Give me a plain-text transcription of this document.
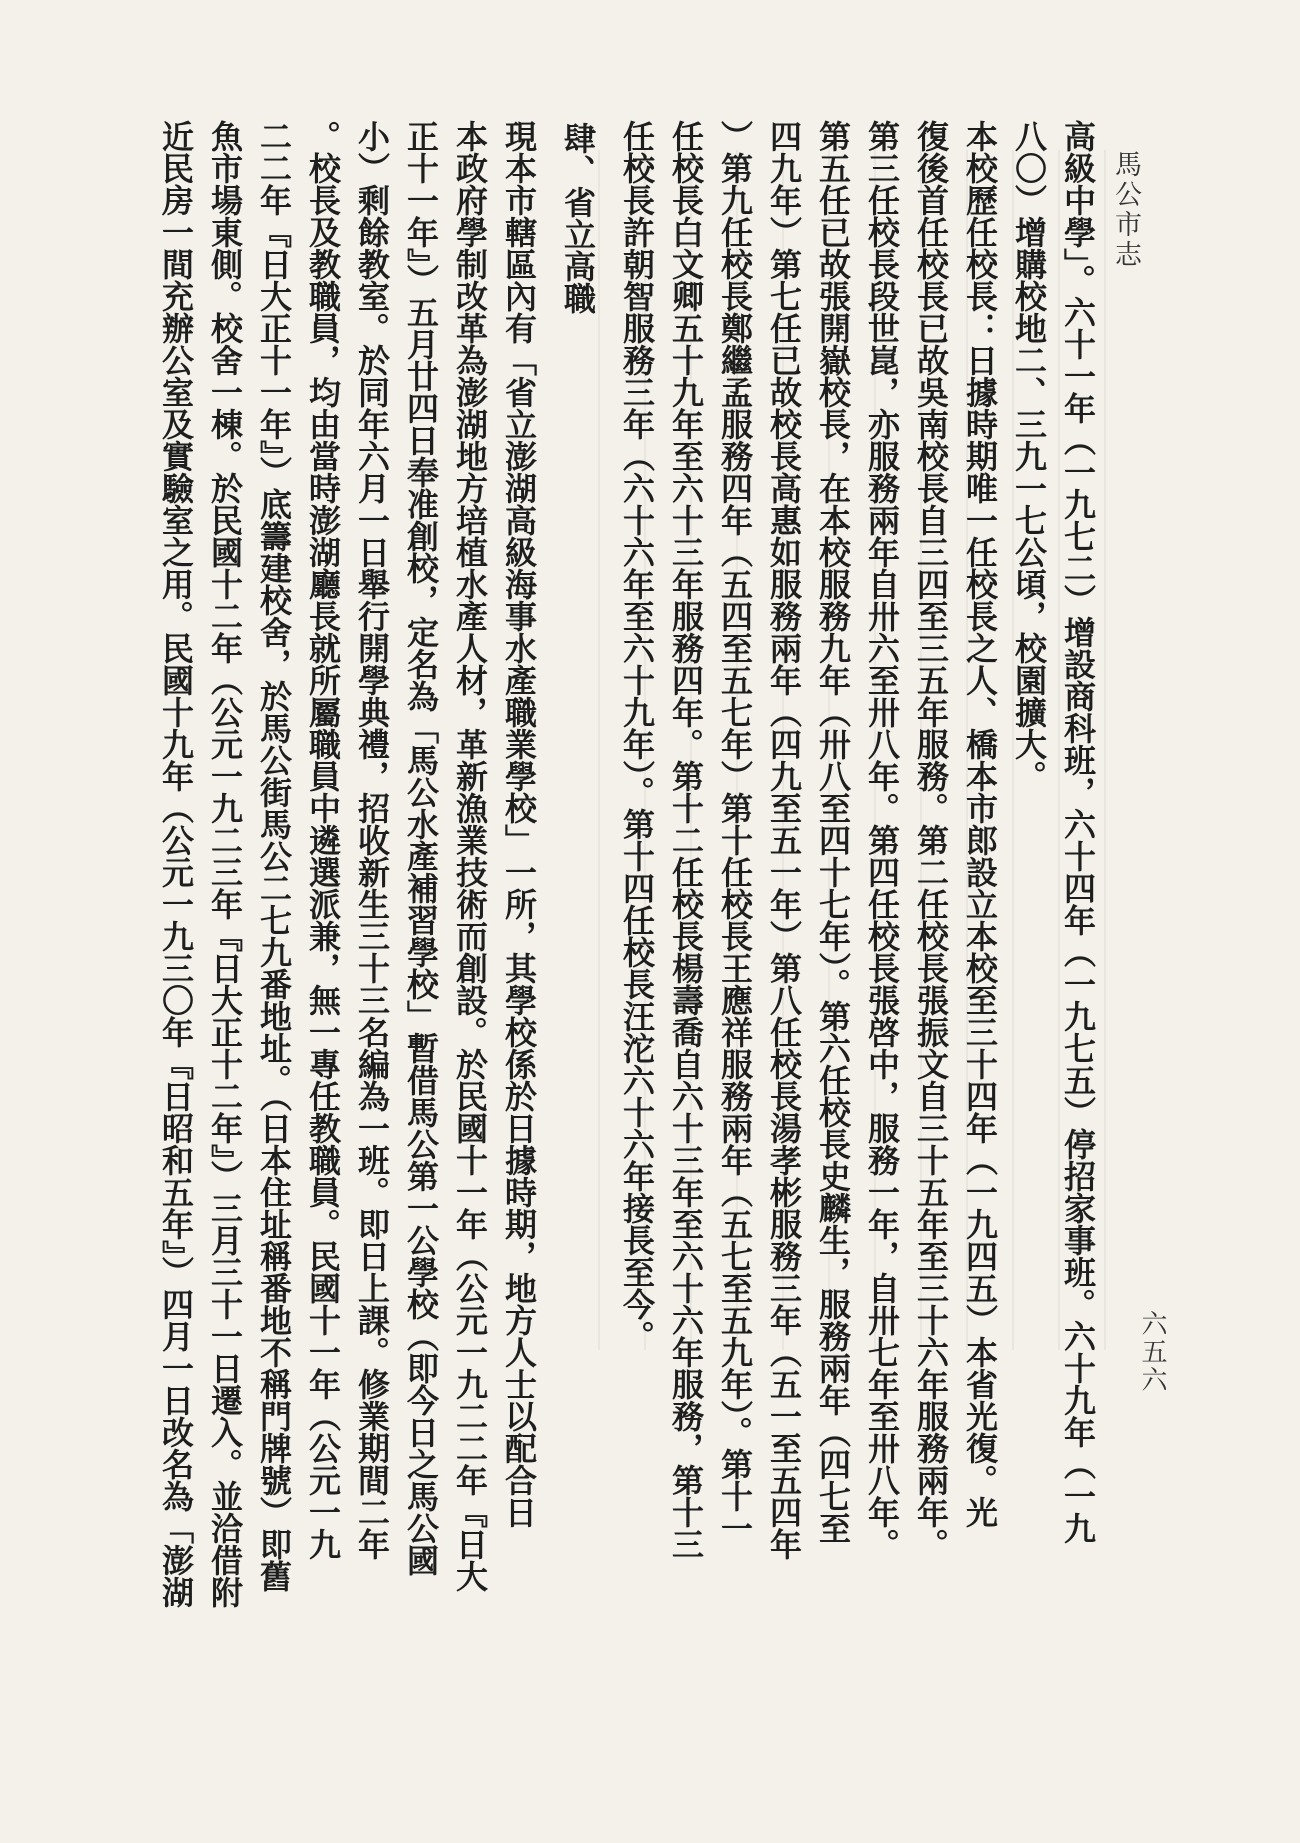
馬公市志
高級中學」。六十一年（一九七二）增設商科班，六十四年（一九七五）停招家事班。六十九年（一九
八〇）增購校地二、三九一七公頃，校園擴大。
本校歷任校長：日據時期唯一任校長之人、橋本市郎設立本校至三十四年（一九四五）本省光復。光
復後首任校長已故吳南校長自三四至三五年服務。第二任校長張振文自三十五年至三十六年服務兩年。
第三任校長段世崑，亦服務兩年自卅六至卅八年。第四任校長張啓中，服務一年，自卅七年至卅八年。
第五任已故張開嶽校長，在本校服務九年（卅八至四十七年）。第六任校長史麟生，服務兩年（四七至
四九年）第七任已故校長高惠如服務兩年（四九至五一年）第八任校長湯孝彬服務三年（五一至五四年
）第九任校長鄭繼孟服務四年（五四至五七年）第十任校長王應祥服務兩年（五七至五九年）。第十一
任校長白文卿五十九年至六十三年服務四年。第十二任校長楊壽喬自六十三年至六十六年服務，第十三
任校長許朝智服務三年（六十六年至六十九年）。第十四任校長汪沱六十六年接長至今。
肆、省立高職
現本市轄區內有「省立澎湖高級海事水產職業學校」一所，其學校係於日據時期，地方人士以配合日
本政府學制改革為澎湖地方培植水產人材，革新漁業技術而創設。於民國十一年（公元一九二二年『日大
正十一年』）五月廿四日奉准創校，定名為「馬公水產補習學校」暫借馬公第一公學校（即今日之馬公國
小）剩餘教室。於同年六月一日舉行開學典禮，招收新生三十三名編為一班。即日上課。修業期間二年
。校長及教職員，均由當時澎湖廳長就所屬職員中遴選派兼，無一專任教職員。民國十一年（公元一九
二二年『日大正十一年』）底籌建校舍，於馬公街馬公二七九番地址。（日本住址稱番地不稱門牌號）即舊
魚市場東側。校舍一棟。於民國十二年（公元一九二三年『日大正十二年』）三月三十一日遷入。並洽借附
近民房一間充辦公室及實驗室之用。民國十九年（公元一九三〇年『日昭和五年』）四月一日改名為「澎湖	六五六
